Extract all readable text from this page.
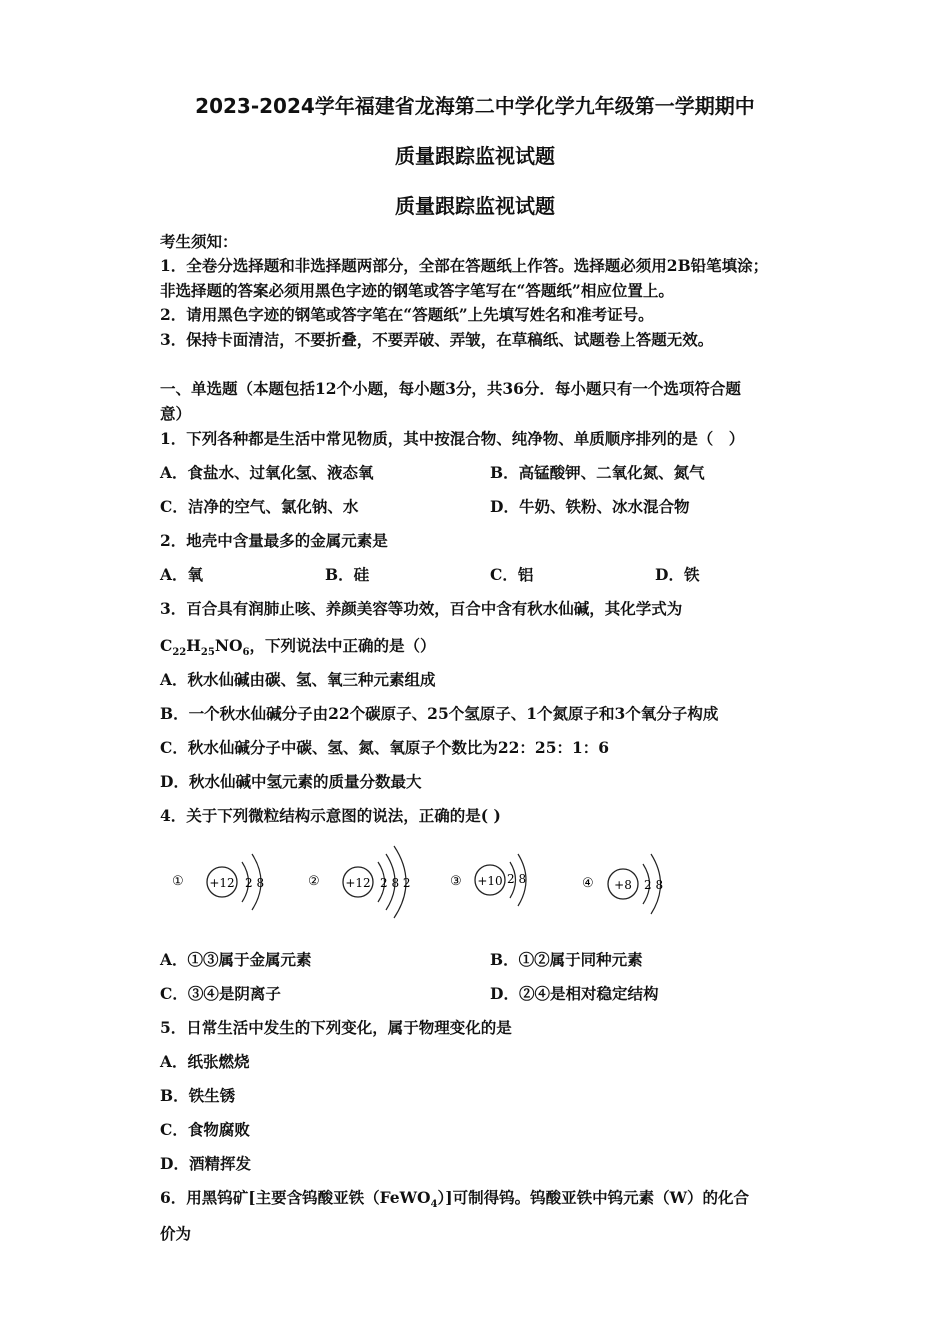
2023-2024学年福建省龙海第二中学化学九年级第一学期期中
质量跟踪监视试题
质量跟踪监视试题
考生须知：
1．全卷分选择题和非选择题两部分，全部在答题纸上作答。选择题必须用2B铅笔填涂；
非选择题的答案必须用黑色字迹的钢笔或答字笔写在“答题纸”相应位置上。
2．请用黑色字迹的钢笔或答字笔在“答题纸”上先填写姓名和准考证号。
3．保持卡面清洁，不要折叠，不要弄破、弄皱，在草稿纸、试题卷上答题无效。
一、单选题（本题包括12个小题，每小题3分，共36分．每小题只有一个选项符合题
意）
1．下列各种都是生活中常见物质，其中按混合物、纯净物、单质顺序排列的是（　）
A．食盐水、过氧化氢、液态氧	B．高锰酸钾、二氧化氮、氮气
C．洁净的空气、氯化钠、水	D．牛奶、铁粉、冰水混合物
2．地壳中含量最多的金属元素是
A．氧	B．硅	C．铝	D．铁
3．百合具有润肺止咳、养颜美容等功效，百合中含有秋水仙碱，其化学式为
$C_{22}H_{25}NO_6$，下列说法中正确的是（）
A．秋水仙碱由碳、氢、氧三种元素组成
B．一个秋水仙碱分子由22个碳原子、25个氢原子、1个氮原子和3个氧分子构成
C．秋水仙碱分子中碳、氢、氮、氧原子个数比为22：25：1：6
D．秋水仙碱中氢元素的质量分数最大
4．关于下列微粒结构示意图的说法，正确的是( )
① +12 2 8	② +12 2 8 2	③ +10 2 8	④ +8 2 8
A．①③属于金属元素	B．①②属于同种元素
C．③④是阴离子	D．②④是相对稳定结构
5．日常生活中发生的下列变化，属于物理变化的是
A．纸张燃烧
B．铁生锈
C．食物腐败
D．酒精挥发
6．用黑钨矿[主要含钨酸亚铁（FeWO$_4$）]可制得钨。钨酸亚铁中钨元素（W）的化合
价为
